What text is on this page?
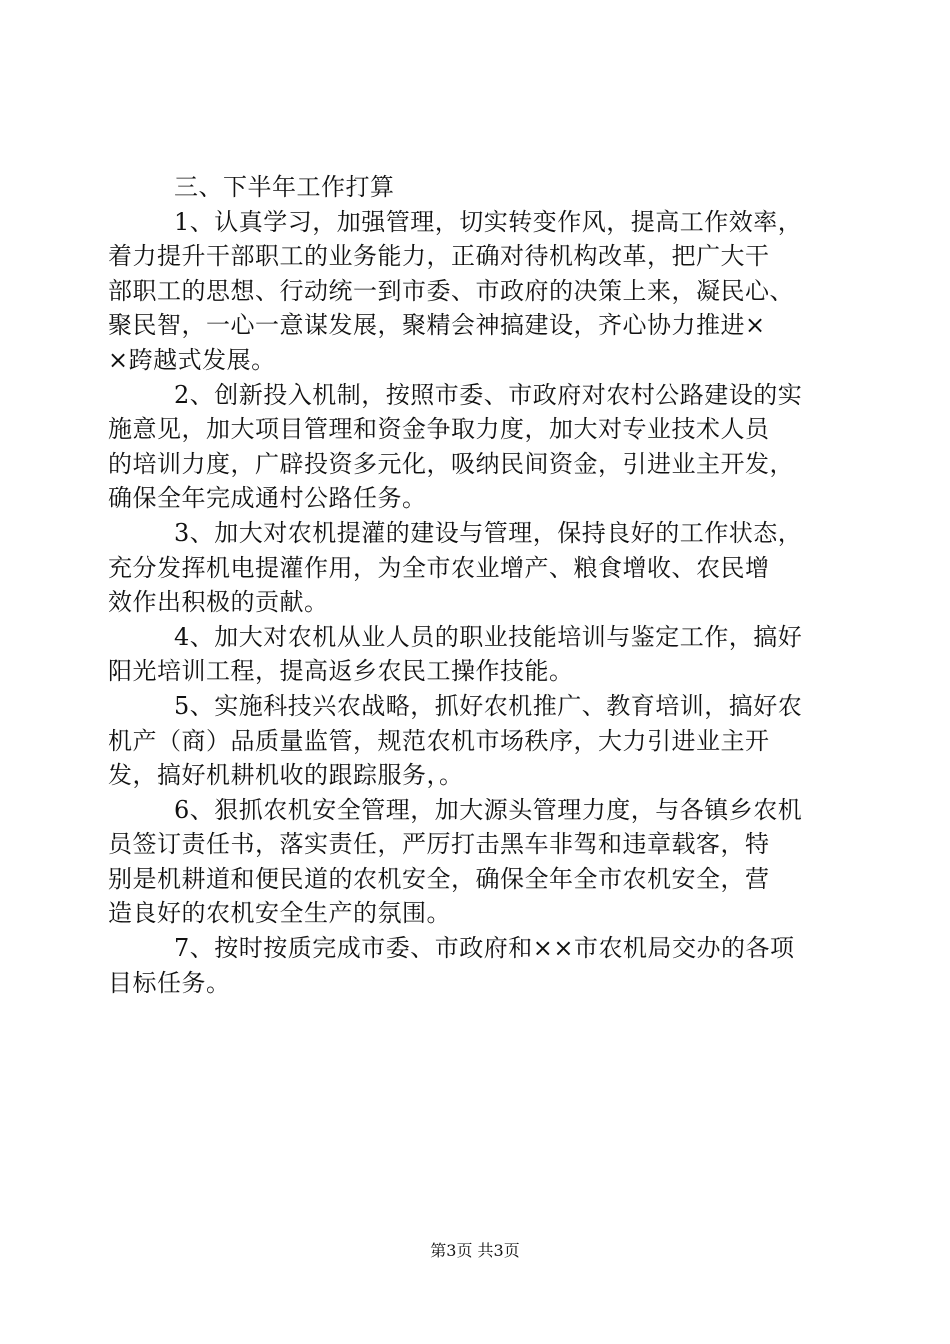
三、下半年工作打算
1、认真学习，加强管理，切实转变作风，提高工作效率，
着力提升干部职工的业务能力，正确对待机构改革，把广大干
部职工的思想、行动统一到市委、市政府的决策上来，凝民心、
聚民智，一心一意谋发展，聚精会神搞建设，齐心协力推进×
×跨越式发展。
2、创新投入机制，按照市委、市政府对农村公路建设的实
施意见，加大项目管理和资金争取力度，加大对专业技术人员
的培训力度，广辟投资多元化，吸纳民间资金，引进业主开发，
确保全年完成通村公路任务。
3、加大对农机提灌的建设与管理，保持良好的工作状态，
充分发挥机电提灌作用，为全市农业增产、粮食增收、农民增
效作出积极的贡献。
4、加大对农机从业人员的职业技能培训与鉴定工作，搞好
阳光培训工程，提高返乡农民工操作技能。
5、实施科技兴农战略，抓好农机推广、教育培训，搞好农
机产（商）品质量监管，规范农机市场秩序，大力引进业主开
发，搞好机耕机收的跟踪服务，。
6、狠抓农机安全管理，加大源头管理力度，与各镇乡农机
员签订责任书，落实责任，严厉打击黑车非驾和违章载客，特
别是机耕道和便民道的农机安全，确保全年全市农机安全，营
造良好的农机安全生产的氛围。
7、按时按质完成市委、市政府和××市农机局交办的各项
目标任务。
第3页 共3页
